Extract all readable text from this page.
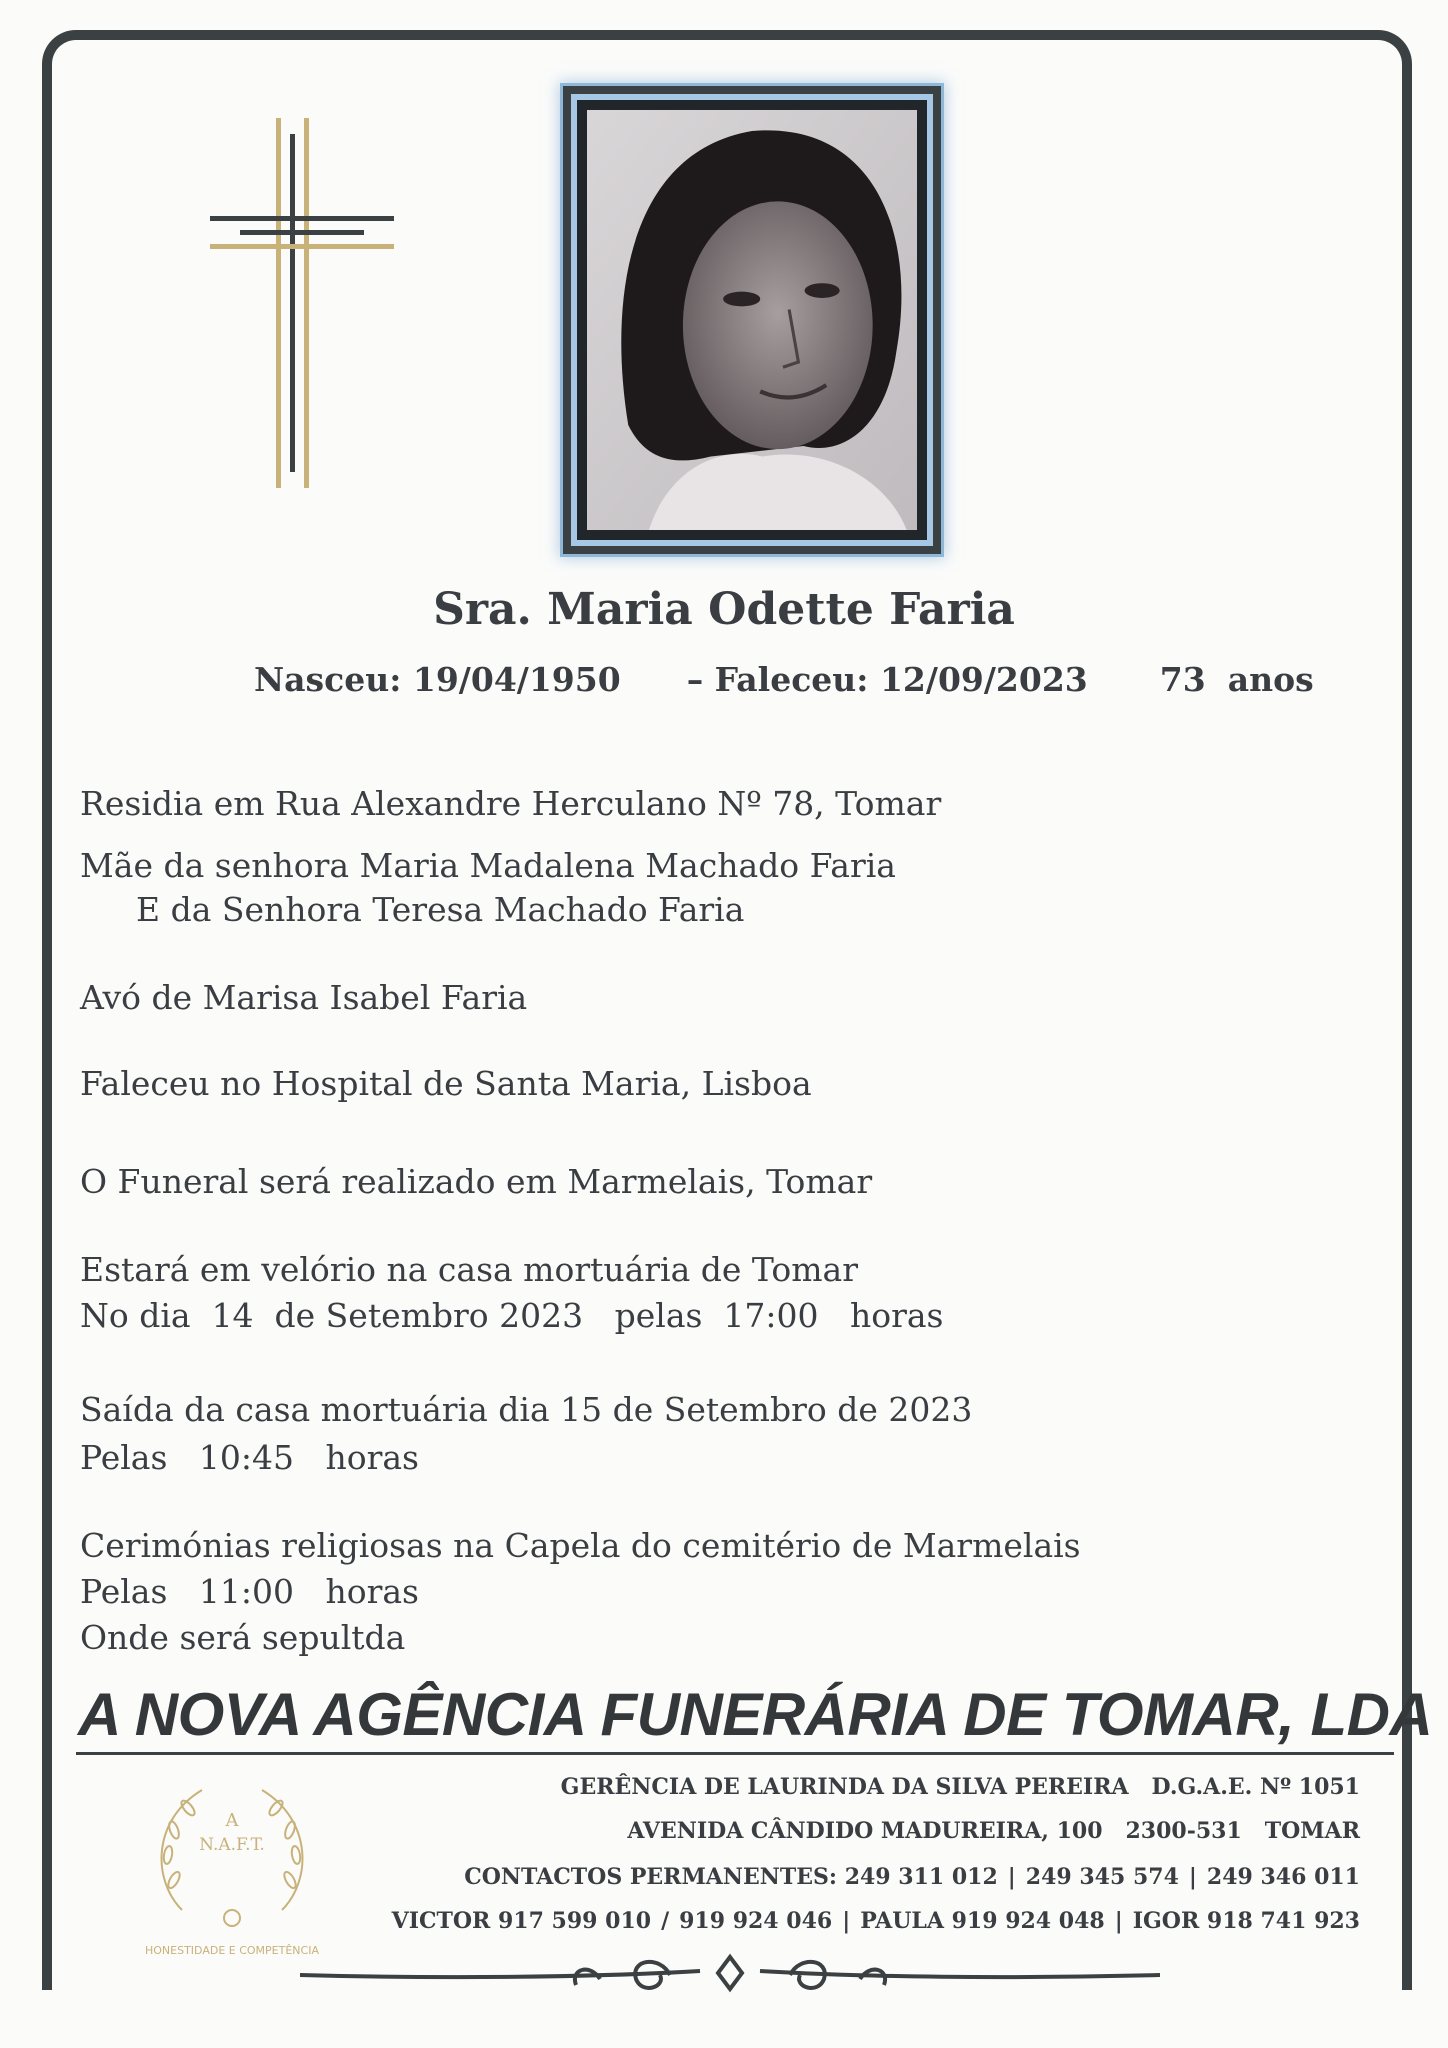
Sra. Maria Odette Faria
Nasceu: 19/04/1950 – Faleceu: 12/09/2023 73 anos
Residia em Rua Alexandre Herculano Nº 78, Tomar
Mãe da senhora Maria Madalena Machado Faria
E da Senhora Teresa Machado Faria
Avó de Marisa Isabel Faria
Faleceu no Hospital de Santa Maria, Lisboa
O Funeral será realizado em Marmelais, Tomar
Estará em velório na casa mortuária de Tomar
No dia  14  de Setembro 2023   pelas  17:00   horas
Saída da casa mortuária dia 15 de Setembro de 2023
Pelas   10:45   horas
Cerimónias religiosas na Capela do cemitério de Marmelais
Pelas   11:00   horas
Onde será sepultda
A NOVA AGÊNCIA FUNERÁRIA DE TOMAR, LDA
A
N.A.F.T.
HONESTIDADE E COMPETÊNCIA
GERÊNCIA DE LAURINDA DA SILVA PEREIRA   D.G.A.E. Nº 1051
AVENIDA CÂNDIDO MADUREIRA, 100   2300-531   TOMAR
CONTACTOS PERMANENTES: 249 311 012 | 249 345 574 | 249 346 011
VICTOR 917 599 010 / 919 924 046 | PAULA 919 924 048 | IGOR 918 741 923
